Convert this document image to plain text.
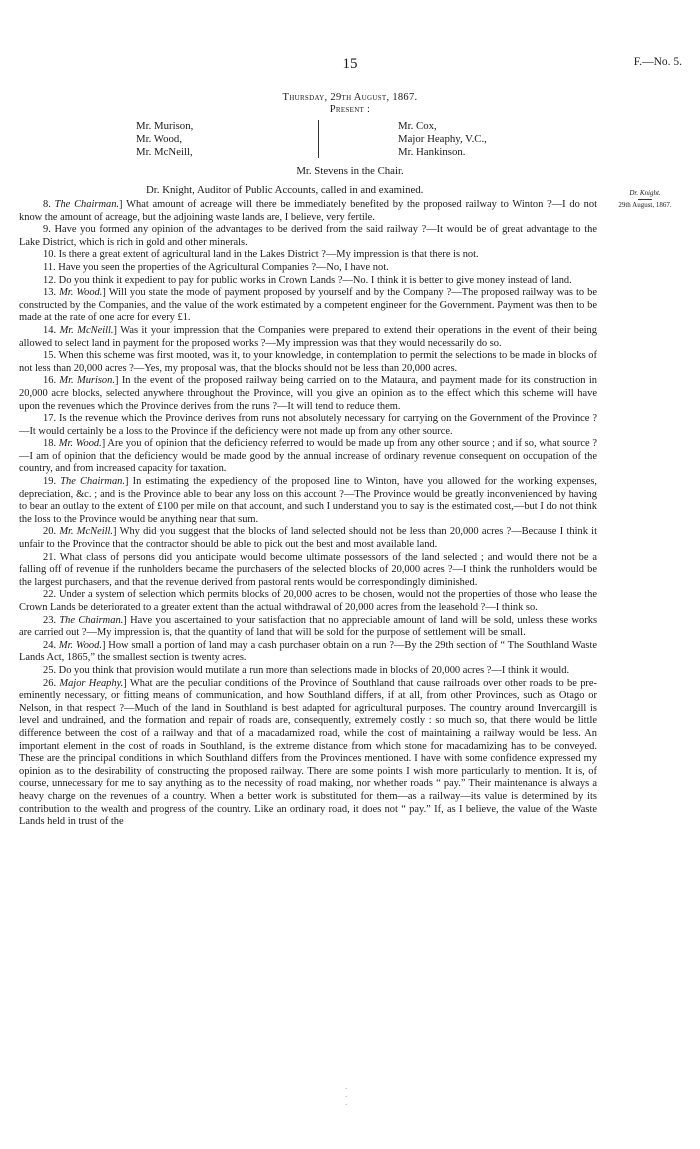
15	F.—No. 5.
Thursday, 29th August, 1867.
Present :
Mr. Murison,
Mr. Wood,
Mr. McNeill,
Mr. Cox,
Major Heaphy, V.C.,
Mr. Hankinson.
Mr. Stevens in the Chair.
Dr. Knight, Auditor of Public Accounts, called in and examined.	Dr. Knight.
29th August, 1867.

8. The Chairman.] What amount of acreage will there be immediately benefited by the proposed railway to Winton ?—I do not know the amount of acreage, but the adjoining waste lands are, I believe, very fertile.

9. Have you formed any opinion of the advantages to be derived from the said railway ?—It would be of great advantage to the Lake District, which is rich in gold and other minerals.

10. Is there a great extent of agricultural land in the Lakes District ?—My impression is that there is not.

11. Have you seen the properties of the Agricultural Companies ?—No, I have not.

12. Do you think it expedient to pay for public works in Crown Lands ?—No. I think it is better to give money instead of land.

13. Mr. Wood.] Will you state the mode of payment proposed by yourself and by the Company ?—The proposed railway was to be constructed by the Companies, and the value of the work estimated by a competent engineer for the Government. Payment was then to be made at the rate of one acre for every £1.

14. Mr. McNeill.] Was it your impression that the Companies were prepared to extend their operations in the event of their being allowed to select land in payment for the proposed works ?—My impression was that they would necessarily do so.

15. When this scheme was first mooted, was it, to your knowledge, in contemplation to permit the selections to be made in blocks of not less than 20,000 acres ?—Yes, my proposal was, that the blocks should not be less than 20,000 acres.

16. Mr. Murison.] In the event of the proposed railway being carried on to the Mataura, and payment made for its construction in 20,000 acre blocks, selected anywhere throughout the Province, will you give an opinion as to the effect which this scheme will have upon the revenues which the Province derives from the runs ?—It will tend to reduce them.

17. Is the revenue which the Province derives from runs not absolutely necessary for carrying on the Government of the Province ?—It would certainly be a loss to the Province if the deficiency were not made up from any other source.

18. Mr. Wood.] Are you of opinion that the deficiency referred to would be made up from any other source ; and if so, what source ?—I am of opinion that the deficiency would be made good by the annual increase of ordinary revenue consequent on occupation of the country, and from increased capacity for taxation.

19. The Chairman.] In estimating the expediency of the proposed line to Winton, have you allowed for the working expenses, depreciation, &c. ; and is the Province able to bear any loss on this account ?—The Province would be greatly inconvenienced by having to bear an outlay to the extent of £100 per mile on that account, and such I understand you to say is the estimated cost,—but I do not think the loss to the Province would be anything near that sum.

20. Mr. McNeill.] Why did you suggest that the blocks of land selected should not be less than 20,000 acres ?—Because I think it unfair to the Province that the contractor should be able to pick out the best and most available land.

21. What class of persons did you anticipate would become ultimate possessors of the land selected ; and would there not be a falling off of revenue if the runholders became the purchasers of the selected blocks of 20,000 acres ?—I think the runholders would be the largest purchasers, and that the revenue derived from pastoral rents would be correspondingly diminished.

22. Under a system of selection which permits blocks of 20,000 acres to be chosen, would not the properties of those who lease the Crown Lands be deteriorated to a greater extent than the actual withdrawal of 20,000 acres from the leasehold ?—I think so.

23. The Chairman.] Have you ascertained to your satisfaction that no appreciable amount of land will be sold, unless these works are carried out ?—My impression is, that the quantity of land that will be sold for the purpose of settlement will be small.

24. Mr. Wood.] How small a portion of land may a cash purchaser obtain on a run ?—By the 29th section of “ The Southland Waste Lands Act, 1865,” the smallest section is twenty acres.

25. Do you think that provision would mutilate a run more than selections made in blocks of 20,000 acres ?—I think it would.

26. Major Heaphy.] What are the peculiar conditions of the Province of Southland that cause railroads over other roads to be pre-eminently necessary, or fitting means of communication, and how Southland differs, if at all, from other Provinces, such as Otago or Nelson, in that respect ?—Much of the land in Southland is best adapted for agricultural purposes. The country around Invercargill is level and undrained, and the formation and repair of roads are, consequently, extremely costly : so much so, that there would be little difference between the cost of a railway and that of a macadamized road, while the cost of maintaining a railway would be less. An important element in the cost of roads in Southland, is the extreme distance from which stone for macadamizing has to be conveyed. These are the principal conditions in which Southland differs from the Provinces mentioned. I have with some confidence expressed my opinion as to the desirability of constructing the proposed railway. There are some points I wish more particularly to mention. It is, of course, unnecessary for me to say anything as to the necessity of road making, nor whether roads “ pay.” Their maintenance is always a heavy charge on the revenues of a country. When a better work is substituted for them—as a railway—its value is determined by its contribution to the wealth and progress of the country. Like an ordinary road, it does not “ pay.” If, as I believe, the value of the Waste Lands held in trust of the

·
·
·
